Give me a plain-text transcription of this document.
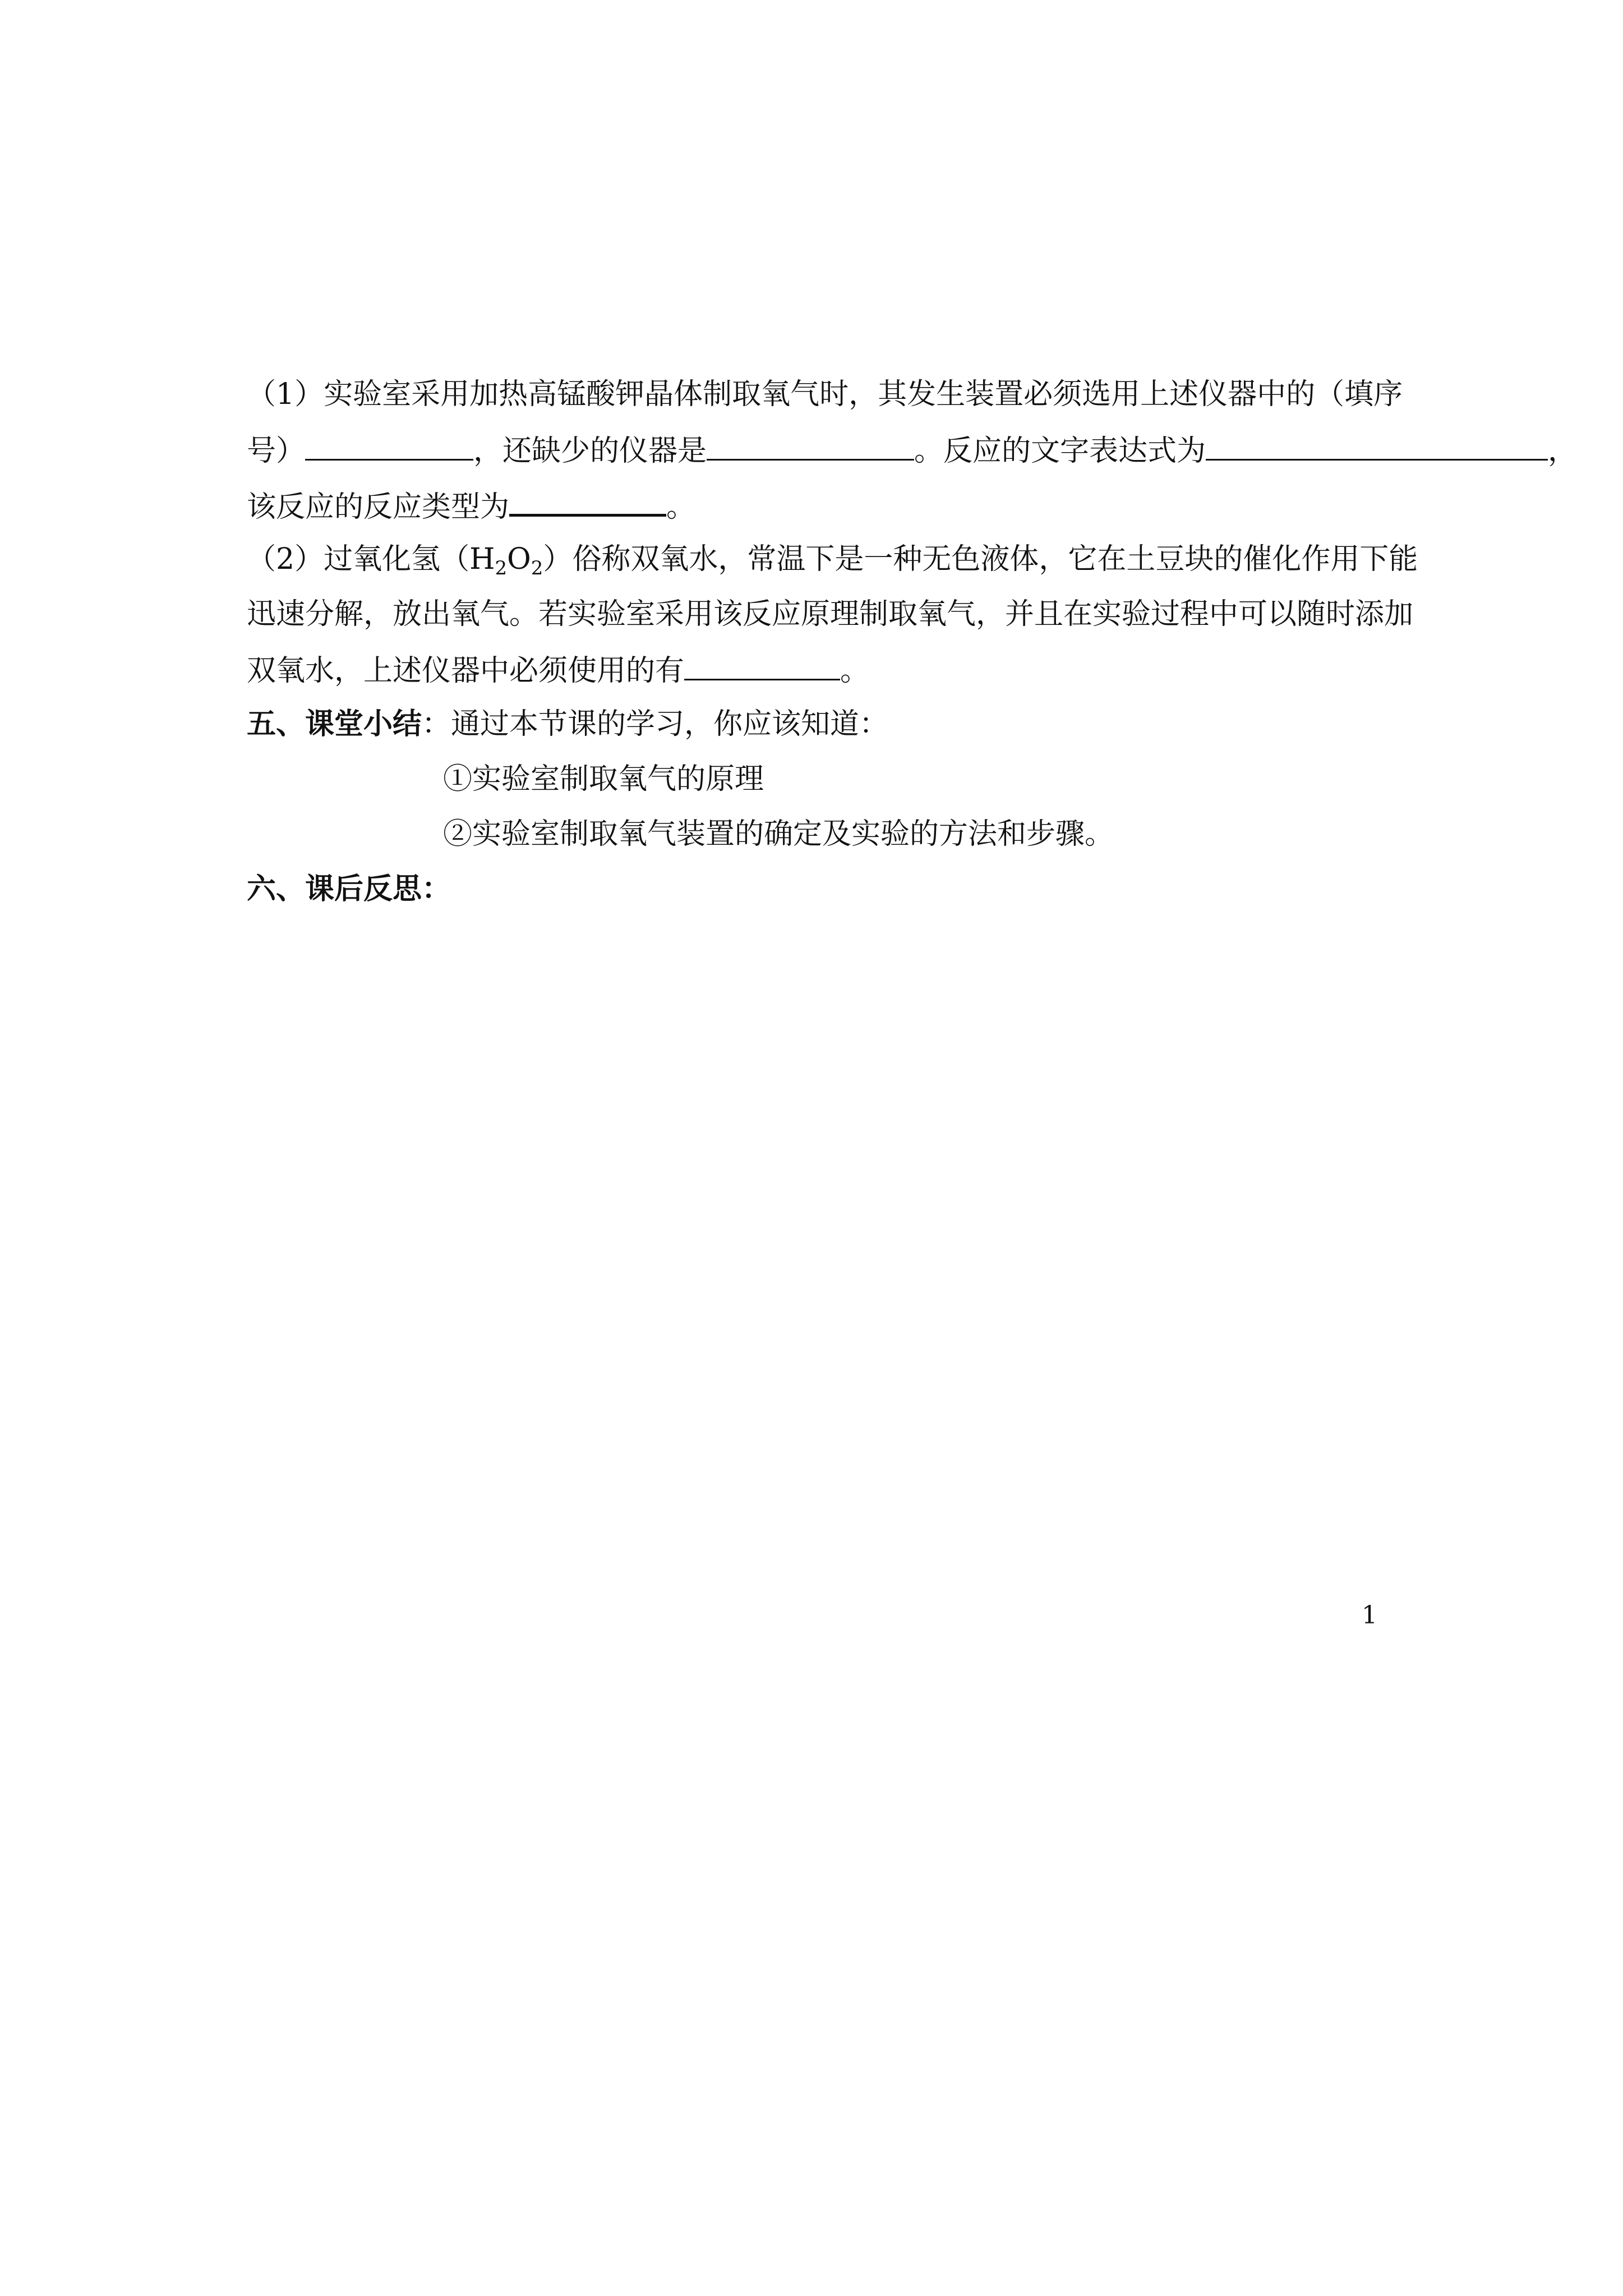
（1）实验室采用加热高锰酸钾晶体制取氧气时，其发生装置必须选用上述仪器中的（填序
号）	，还缺少的仪器是	。反应的文字表达式为	，
该反应的反应类型为	。
（2）过氧化氢$(H_2O_2)$俗称双氧水，常温下是一种无色液体，它在土豆块的催化作用下能
迅速分解，放出氧气。若实验室采用该反应原理制取氧气，并且在实验过程中可以随时添加
双氧水，上述仪器中必须使用的有	。
五、课堂小结：通过本节课的学习，你应该知道：
①实验室制取氧气的原理
②实验室制取氧气装置的确定及实验的方法和步骤。
六、课后反思：
1
